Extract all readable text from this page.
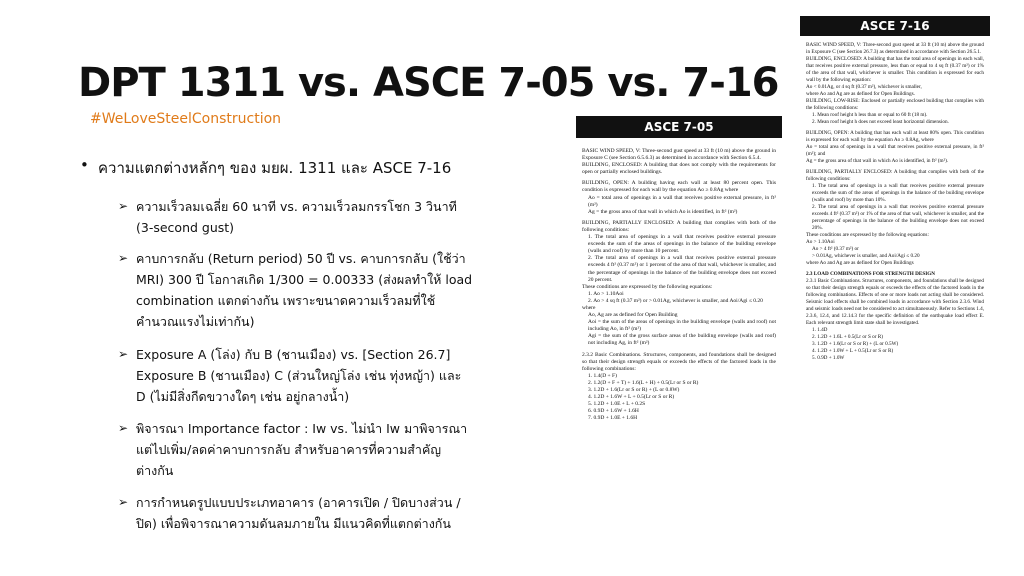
DPT 1311 vs. ASCE 7-05 vs. 7-16
#WeLoveSteelConstruction
• ความแตกต่างหลักๆ ของ มยผ. 1311 และ ASCE 7-16
➢ ความเร็วลมเฉลี่ย 60 นาที vs. ความเร็วลมกรรโชก 3 วินาที
(3-second gust)
➢ คาบการกลับ (Return period) 50 ปี vs. คาบการกลับ (ใช้ว่า
MRI) 300 ปี โอกาสเกิด 1/300 = 0.00333 (ส่งผลทำให้ load
combination แตกต่างกัน เพราะขนาดความเร็วลมที่ใช้
คำนวณแรงไม่เท่ากัน)
➢ Exposure A (โล่ง) กับ B (ชานเมือง) vs. [Section 26.7]
Exposure B (ชานเมือง) C (ส่วนใหญ่โล่ง เช่น ทุ่งหญ้า) และ
D (ไม่มีสิ่งกีดขวางใดๆ เช่น อยู่กลางน้ำ)
➢ พิจารณา Importance factor : Iw vs. ไม่นำ Iw มาพิจารณา
แต่ไปเพิ่ม/ลดค่าคาบการกลับ สำหรับอาคารที่ความสำคัญ
ต่างกัน
➢ การกำหนดรูปแบบประเภทอาคาร (อาคารเปิด / ปิดบางส่วน /
ปิด) เพื่อพิจารณาความดันลมภายใน มีแนวคิดที่แตกต่างกัน
ASCE 7-05
BASIC WIND SPEED, V: Three-second gust speed at 33 ft (10 m) above the ground in Exposure C (see Section 6.5.6.3) as determined in accordance with Section 6.5.4.
BUILDING, ENCLOSED: A building that does not comply with the requirements for open or partially enclosed buildings.
BUILDING, OPEN: A building having each wall at least 80 percent open. This condition is expressed for each wall by the equation Ao ≥ 0.8Ag where
Ao = total area of openings in a wall that receives positive external pressure, in ft² (m²)
Ag = the gross area of that wall in which Ao is identified, in ft² (m²)
BUILDING, PARTIALLY ENCLOSED: A building that complies with both of the following conditions:
1. The total area of openings in a wall that receives positive external pressure exceeds the sum of the areas of openings in the balance of the building envelope (walls and roof) by more than 10 percent.
2. The total area of openings in a wall that receives positive external pressure exceeds 4 ft² (0.37 m²) or 1 percent of the area of that wall, whichever is smaller, and the percentage of openings in the balance of the building envelope does not exceed 20 percent.
These conditions are expressed by the following equations:
1. Ao > 1.10Aoi
2. Ao > 4 sq ft (0.37 m²) or > 0.01Ag, whichever is smaller, and Aoi/Agi ≤ 0.20
where
Ao, Ag are as defined for Open Building
Aoi = the sum of the areas of openings in the building envelope (walls and roof) not including Ao, in ft² (m²)
Agi = the sum of the gross surface areas of the building envelope (walls and roof) not including Ag, in ft² (m²)
2.3.2 Basic Combinations. Structures, components, and foundations shall be designed so that their design strength equals or exceeds the effects of the factored loads in the following combinations:
1. 1.4(D + F)
2. 1.2(D + F + T) + 1.6(L + H) + 0.5(Lr or S or R)
3. 1.2D + 1.6(Lr or S or R) + (L or 0.8W)
4. 1.2D + 1.6W + L + 0.5(Lr or S or R)
5. 1.2D + 1.0E + L + 0.2S
6. 0.9D + 1.6W + 1.6H
7. 0.9D + 1.0E + 1.6H
ASCE 7-16
BASIC WIND SPEED, V: Three-second gust speed at 33 ft (10 m) above the ground in Exposure C (see Section 26.7.3) as determined in accordance with Section 26.5.1.
BUILDING, ENCLOSED: A building that has the total area of openings in each wall, that receives positive external pressure, less than or equal to 4 sq ft (0.37 m²) or 1% of the area of that wall, whichever is smaller. This condition is expressed for each wall by the following equation:
Ao < 0.01Ag, or 4 sq ft (0.37 m²), whichever is smaller,
where Ao and Ag are as defined for Open Buildings.
BUILDING, LOW-RISE: Enclosed or partially enclosed building that complies with the following conditions:
1. Mean roof height h less than or equal to 60 ft (18 m).
2. Mean roof height h does not exceed least horizontal dimension.
BUILDING, OPEN: A building that has each wall at least 80% open. This condition is expressed for each wall by the equation Ao ≥ 0.8Ag, where
Ao = total area of openings in a wall that receives positive external pressure, in ft² (m²); and
Ag = the gross area of that wall in which Ao is identified, in ft² (m²).
BUILDING, PARTIALLY ENCLOSED: A building that complies with both of the following conditions:
1. The total area of openings in a wall that receives positive external pressure exceeds the sum of the areas of openings in the balance of the building envelope (walls and roof) by more than 10%.
2. The total area of openings in a wall that receives positive external pressure exceeds 4 ft² (0.37 m²) or 1% of the area of that wall, whichever is smaller, and the percentage of openings in the balance of the building envelope does not exceed 20%.
These conditions are expressed by the following equations:
Ao > 1.10Aoi
Ao > 4 ft² (0.37 m²) or
> 0.01Ag, whichever is smaller, and Aoi/Agi ≤ 0.20
where Ao and Ag are as defined for Open Buildings
2.3 LOAD COMBINATIONS FOR STRENGTH DESIGN
2.3.1 Basic Combinations. Structures, components, and foundations shall be designed so that their design strength equals or exceeds the effects of the factored loads in the following combinations. Effects of one or more loads not acting shall be considered. Seismic load effects shall be combined loads in accordance with Section 2.3.6. Wind and seismic loads need not be considered to act simultaneously. Refer to Sections 1.4, 2.3.6, 12.4, and 12.14.3 for the specific definition of the earthquake load effect E. Each relevant strength limit state shall be investigated.
1. 1.4D
2. 1.2D + 1.6L + 0.5(Lr or S or R)
3. 1.2D + 1.6(Lr or S or R) + (L or 0.5W)
4. 1.2D + 1.0W + L + 0.5(Lr or S or R)
5. 0.9D + 1.0W
